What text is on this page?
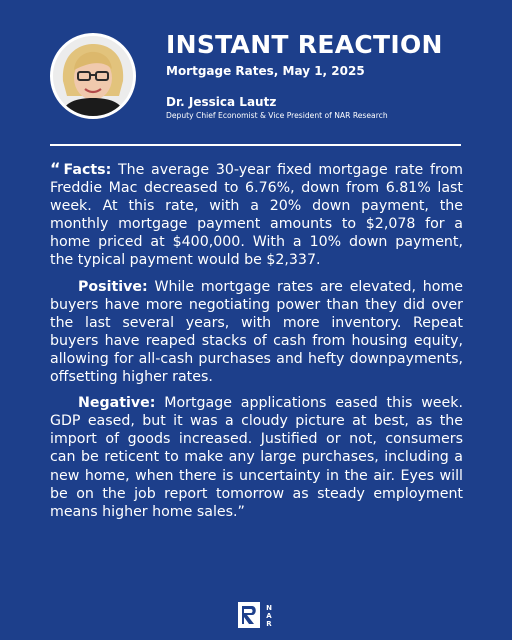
INSTANT REACTION
Mortgage Rates, May 1, 2025
Dr. Jessica Lautz
Deputy Chief Economist & Vice President of NAR Research

“ Facts: The average 30-year fixed mortgage rate from Freddie Mac decreased to 6.76%, down from 6.81% last week. At this rate, with a 20% down payment, the monthly mortgage payment amounts to $2,078 for a home priced at $400,000. With a 10% down payment, the typical payment would be $2,337.

Positive: While mortgage rates are elevated, home buyers have more negotiating power than they did over the last several years, with more inventory. Repeat buyers have reaped stacks of cash from housing equity, allowing for all-cash purchases and hefty downpayments, offsetting higher rates.

Negative: Mortgage applications eased this week. GDP eased, but it was a cloudy picture at best, as the import of goods increased. Justified or not, consumers can be reticent to make any large purchases, including a new home, when there is uncertainty in the air. Eyes will be on the job report tomorrow as steady employment means higher home sales.”

N
A
R
